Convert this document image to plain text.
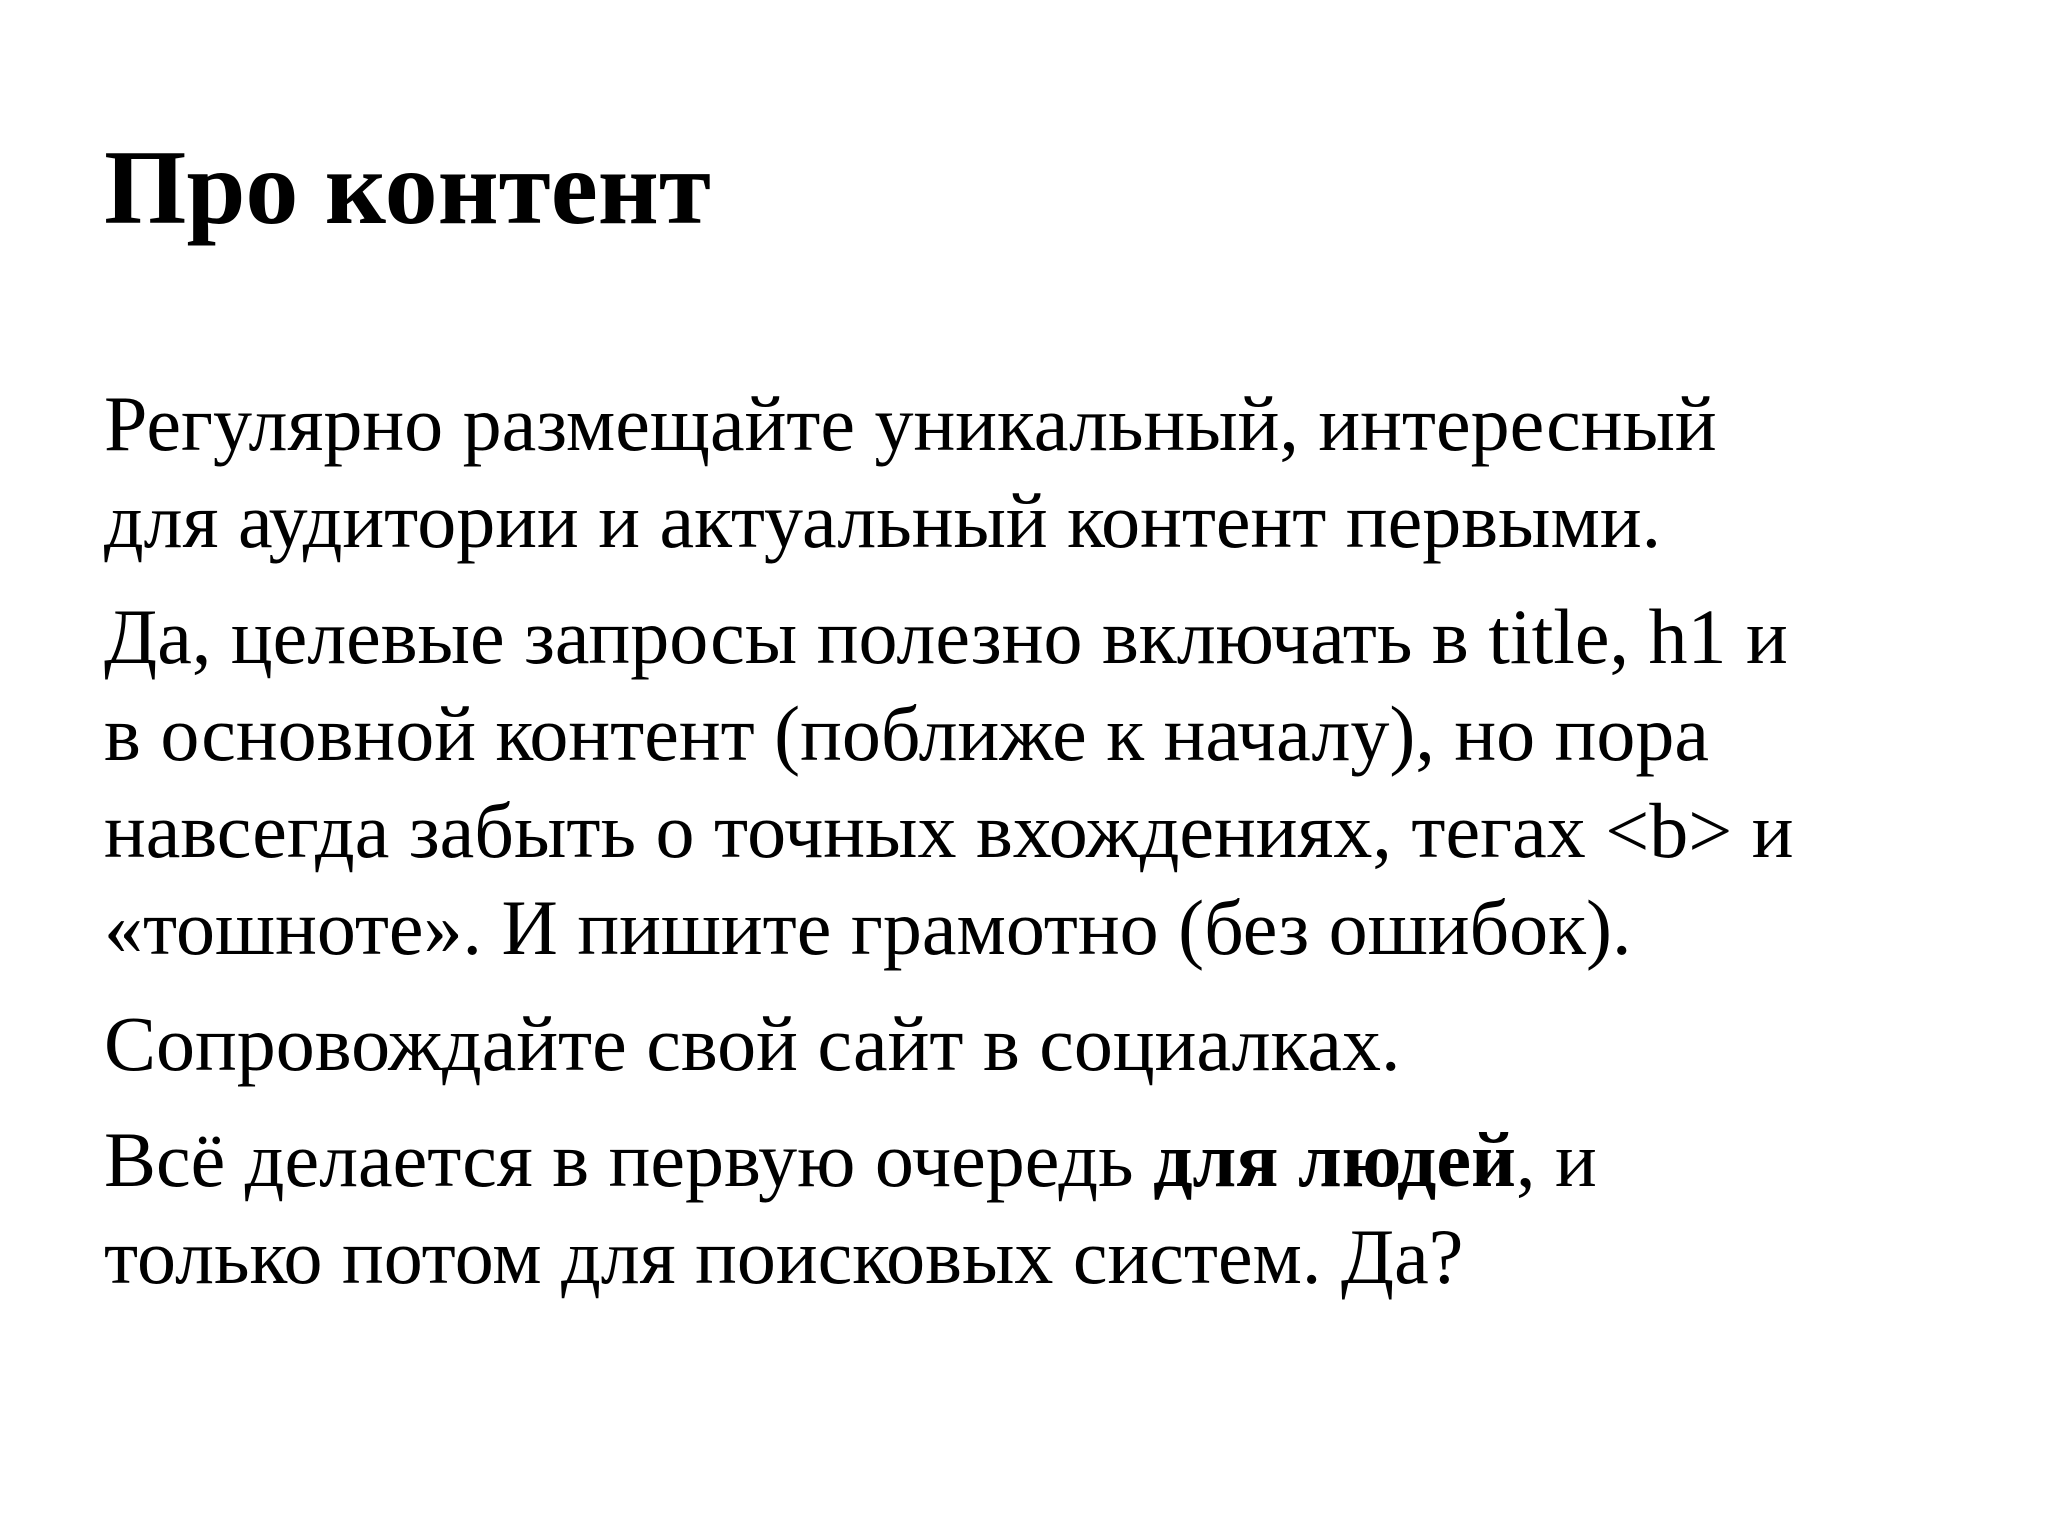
Про контент

Регулярно размещайте уникальный, интересный
для аудитории и актуальный контент первыми.

Да, целевые запросы полезно включать в title, h1 и
в основной контент (поближе к началу), но пора
навсегда забыть о точных вхождениях, тегах <b> и
«тошноте». И пишите грамотно (без ошибок).

Сопровождайте свой сайт в социалках.

Всё делается в первую очередь для людей, и
только потом для поисковых систем. Да?
